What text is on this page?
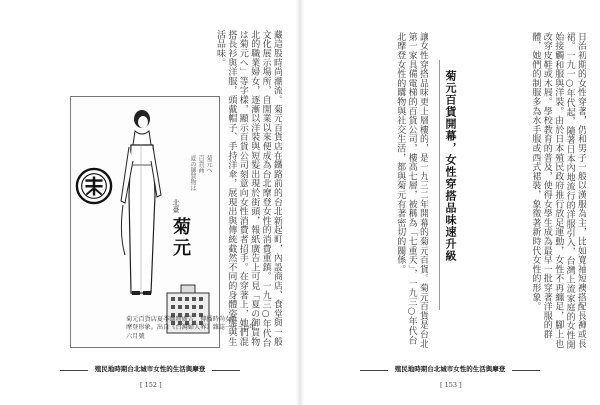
藏這股時尚潮流。菊元百貨店在鐵路前的台北新起町，內設商店、食堂與一般文化展示場所，自開業以來便成為台北摩登女性的消費重鎮。一九三○年代台北的職業婦女，逐漸以洋裝與短髮出現於街頭，報紙廣告上可見「夏の御買物は菊元へ」等字樣，顯示百貨公司刻意向女性消費者招手。在穿著上，她們混搭長衫與洋服，頭戴帽子、手持洋傘，展現出與傳統截然不同的身體姿態與生活品味。
夏の御買物は 百貨商 菊元へ
北臺
菊元
菊元百貨店夏季購物廣告，傳播時尚女性
摩登形象。出自《台灣婦人界》雜誌一九三○年六月號
殖民地時期台北城市女性的生活與摩登
[ 152 ]
日治初期的女性穿著，仍和男子一般以漢服為主，比如寬袖短襖搭配長褲或長裙。一九一○年代起，隨著日本內地流行的洋服引入，台灣上流家庭的女性開始接觸和服與洋裝。由於日本殖民政府推行放足運動，女性不再纏足，腳上也改穿皮鞋或木屐。學校教育的普及，使得女學生成為最早一批穿著洋服的群體，她們的制服多為水手服或西式裙裝，象徵著新時代女性的形象。
菊元百貨開幕，女性穿搭品味速升級
讓女性穿搭品味更上層樓的，是一九三二年開幕的菊元百貨。菊元百貨是台北第一家具備電梯的百貨公司，樓高七層，被稱為「七重天」，一九三○年代台北摩登女性的購物與社交生活，都與菊元有著密切的關係。
殖民地時期台北城市女性的生活與摩登
[ 153 ]
